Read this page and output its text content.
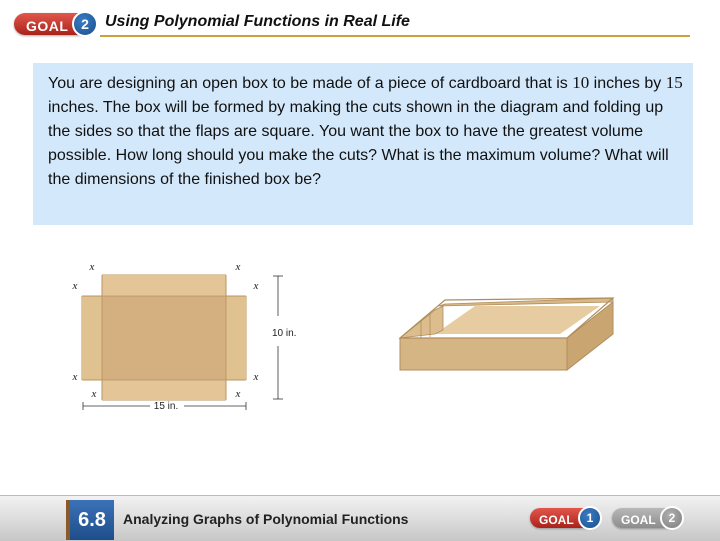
GOAL 2	Using Polynomial Functions in Real Life
You are designing an open box to be made of a piece of cardboard that is 10 inches by 15 inches. The box will be formed by making the cuts shown in the diagram and folding up the sides so that the flaps are square. You want the box to have the greatest volume possible. How long should you make the cuts? What is the maximum volume? What will the dimensions of the finished box be?
x	x
x	x
x	x
x	x
10 in.
15 in.
6.8	Analyzing Graphs of Polynomial Functions	GOAL	1	GOAL	2
